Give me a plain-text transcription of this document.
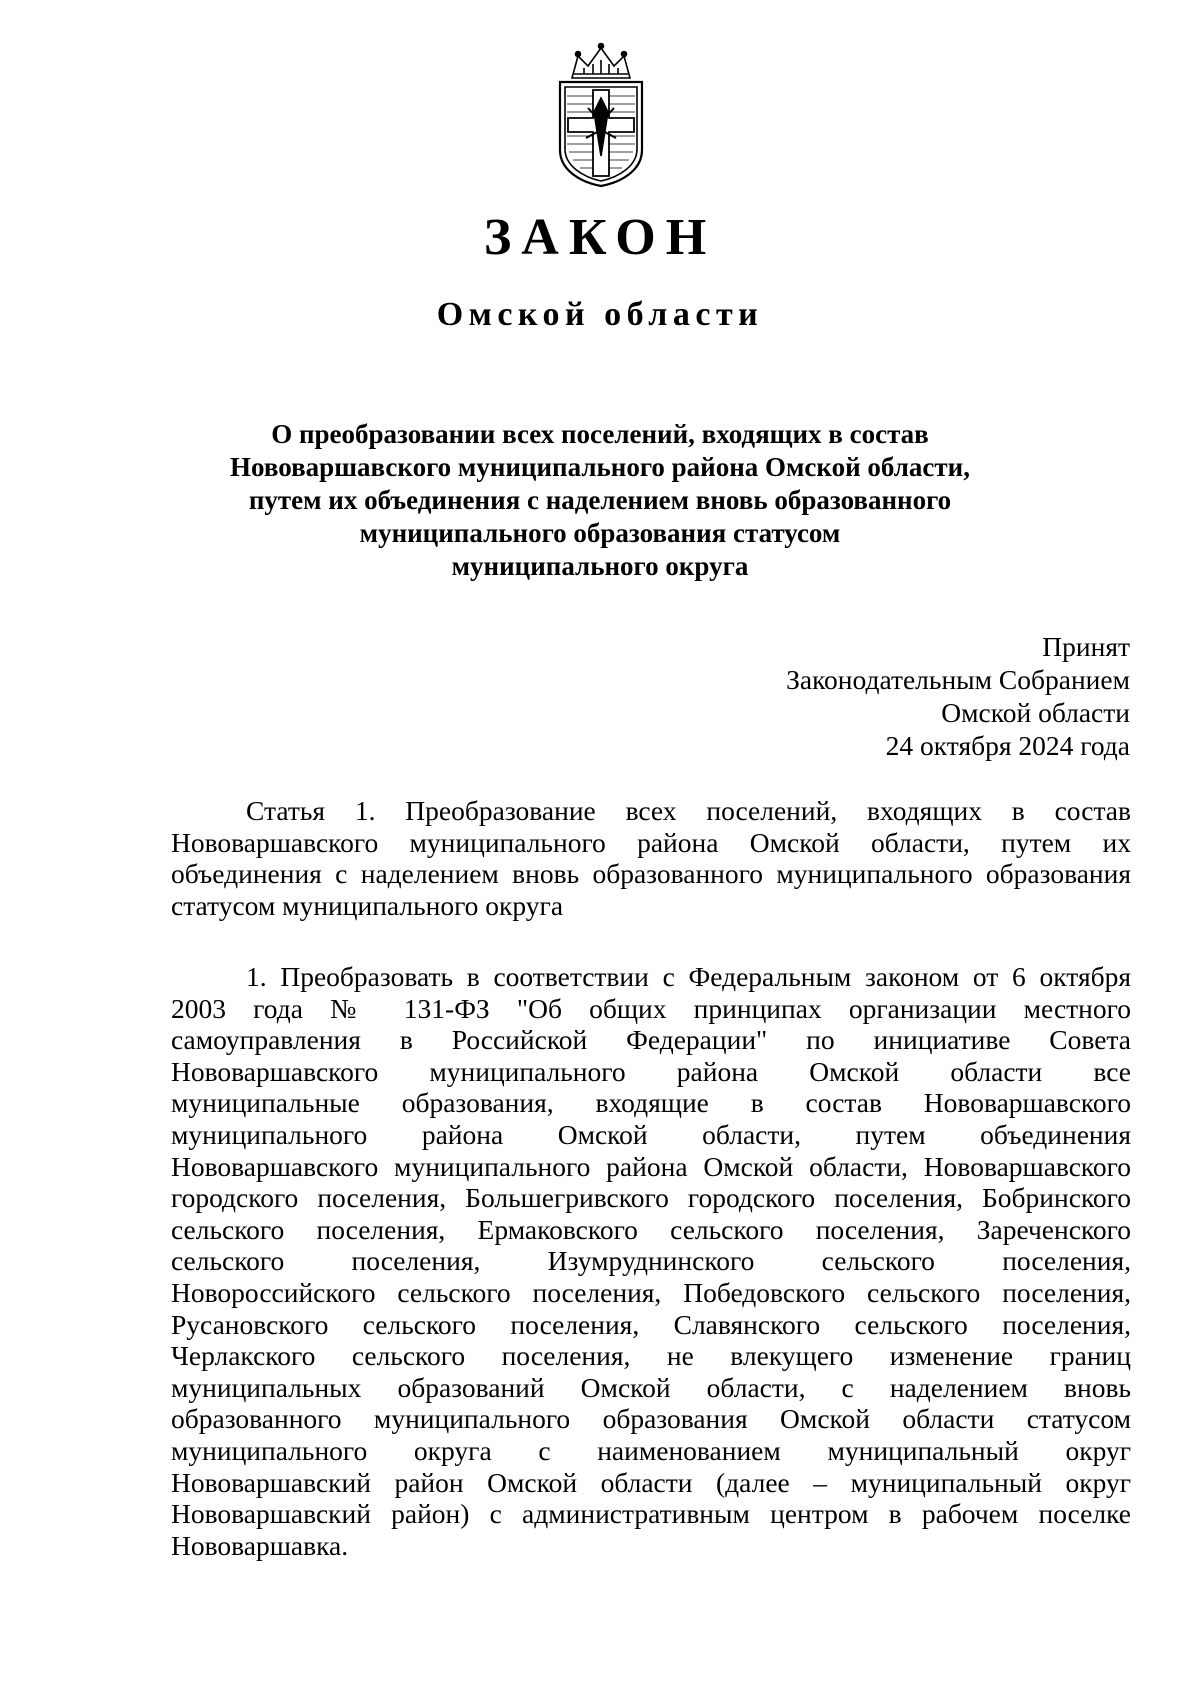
ЗАКОН
Омской области
О преобразовании всех поселений, входящих в состав
Нововаршавского муниципального района Омской области,
путем их объединения с наделением вновь образованного
муниципального образования статусом
муниципального округа
Принят
Законодательным Собранием
Омской области
24 октября 2024 года
Статья 1. Преобразование всех поселений, входящих в состав
Нововаршавского муниципального района Омской области, путем их
объединения с наделением вновь образованного муниципального образования
статусом муниципального округа
1. Преобразовать в соответствии с Федеральным законом от 6 октября
2003 года № 131-ФЗ "Об общих принципах организации местного
самоуправления в Российской Федерации" по инициативе Совета
Нововаршавского муниципального района Омской области все
муниципальные образования, входящие в состав Нововаршавского
муниципального района Омской области, путем объединения
Нововаршавского муниципального района Омской области, Нововаршавского
городского поселения, Большегривского городского поселения, Бобринского
сельского поселения, Ермаковского сельского поселения, Зареченского
сельского поселения, Изумруднинского сельского поселения,
Новороссийского сельского поселения, Победовского сельского поселения,
Русановского сельского поселения, Славянского сельского поселения,
Черлакского сельского поселения, не влекущего изменение границ
муниципальных образований Омской области, с наделением вновь
образованного муниципального образования Омской области статусом
муниципального округа с наименованием муниципальный округ
Нововаршавский район Омской области (далее – муниципальный округ
Нововаршавский район) с административным центром в рабочем поселке
Нововаршавка.
